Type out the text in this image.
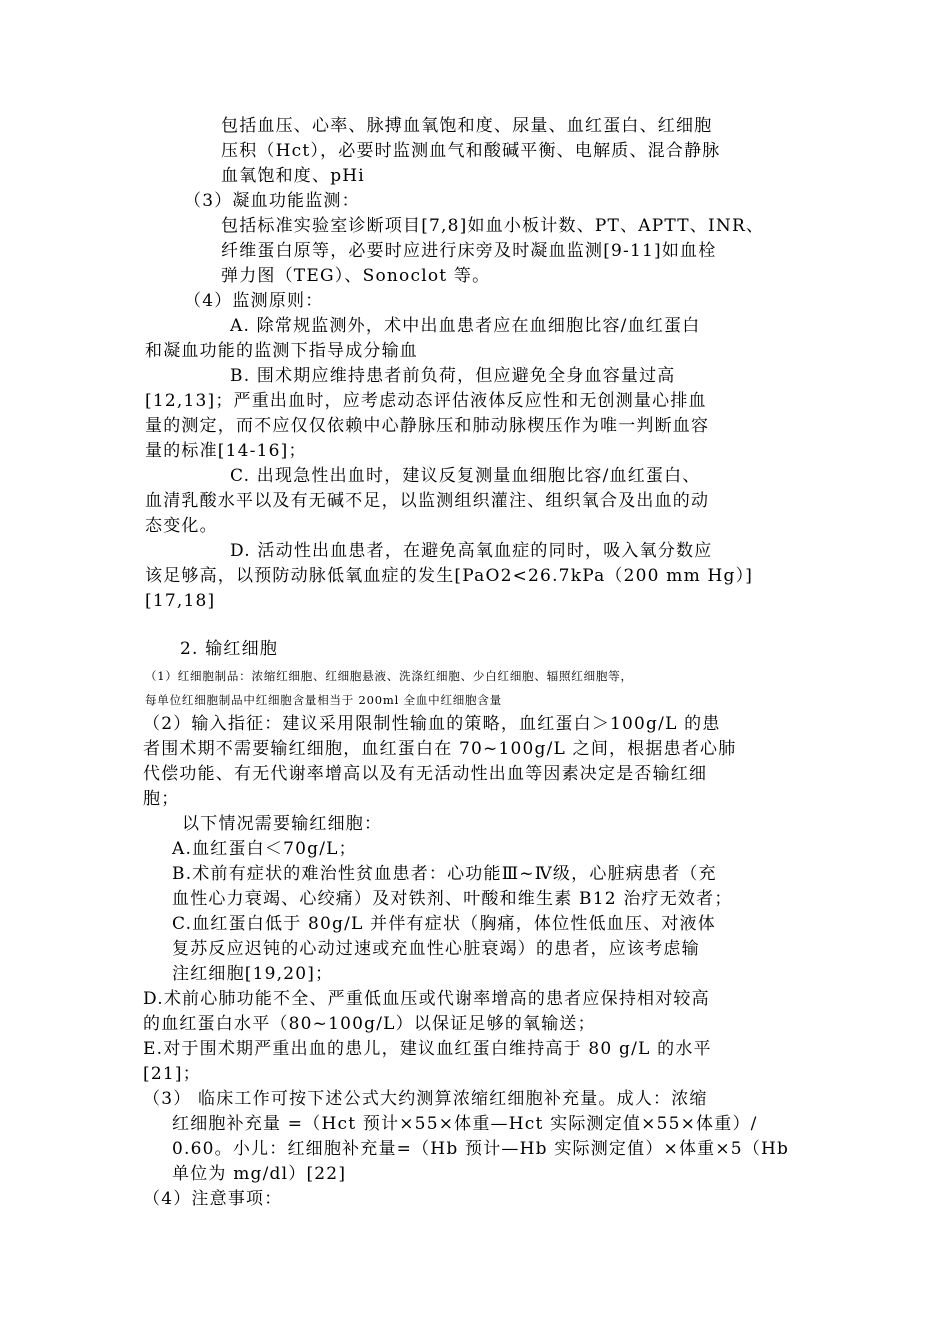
包括血压、心率、脉搏血氧饱和度、尿量、血红蛋白、红细胞

压积（Hct），必要时监测血气和酸碱平衡、电解质、混合静脉

血氧饱和度、pHi

（3）凝血功能监测：

包括标准实验室诊断项目[7,8]如血小板计数、PT、APTT、INR、

纤维蛋白原等，必要时应进行床旁及时凝血监测[9-11]如血栓

弹力图（TEG）、Sonoclot 等。

（4）监测原则：

A. 除常规监测外，术中出血患者应在血细胞比容/血红蛋白

和凝血功能的监测下指导成分输血

B. 围术期应维持患者前负荷，但应避免全身血容量过高

[12,13]；严重出血时，应考虑动态评估液体反应性和无创测量心排血

量的测定，而不应仅仅依赖中心静脉压和肺动脉楔压作为唯一判断血容

量的标准[14-16]；

C. 出现急性出血时，建议反复测量血细胞比容/血红蛋白、

血清乳酸水平以及有无碱不足，以监测组织灌注、组织氧合及出血的动

态变化。

D. 活动性出血患者，在避免高氧血症的同时，吸入氧分数应

该足够高，以预防动脉低氧血症的发生[PaO2<26.7kPa（200 mm Hg）]

[17,18]

2. 输红细胞

（1）红细胞制品：浓缩红细胞、红细胞悬液、洗涤红细胞、少白红细胞、辐照红细胞等，

每单位红细胞制品中红细胞含量相当于 200ml 全血中红细胞含量

（2）输入指征：建议采用限制性输血的策略，血红蛋白＞100g/L 的患

者围术期不需要输红细胞，血红蛋白在 70~100g/L 之间，根据患者心肺

代偿功能、有无代谢率增高以及有无活动性出血等因素决定是否输红细

胞；

以下情况需要输红细胞：

A.血红蛋白＜70g/L；

B.术前有症状的难治性贫血患者：心功能Ⅲ~Ⅳ级，心脏病患者（充

血性心力衰竭、心绞痛）及对铁剂、叶酸和维生素 B12 治疗无效者；

C.血红蛋白低于 80g/L 并伴有症状（胸痛，体位性低血压、对液体

复苏反应迟钝的心动过速或充血性心脏衰竭）的患者，应该考虑输

注红细胞[19,20]；

D.术前心肺功能不全、严重低血压或代谢率增高的患者应保持相对较高

的血红蛋白水平（80~100g/L）以保证足够的氧输送；

E.对于围术期严重出血的患儿，建议血红蛋白维持高于 80 g/L 的水平

[21]；

（3） 临床工作可按下述公式大约测算浓缩红细胞补充量。成人：浓缩

红细胞补充量 =（Hct 预计×55×体重—Hct 实际测定值×55×体重）/

0.60。小儿：红细胞补充量=（Hb 预计—Hb 实际测定值）×体重×5（Hb

单位为 mg/dl）[22]

（4）注意事项：
